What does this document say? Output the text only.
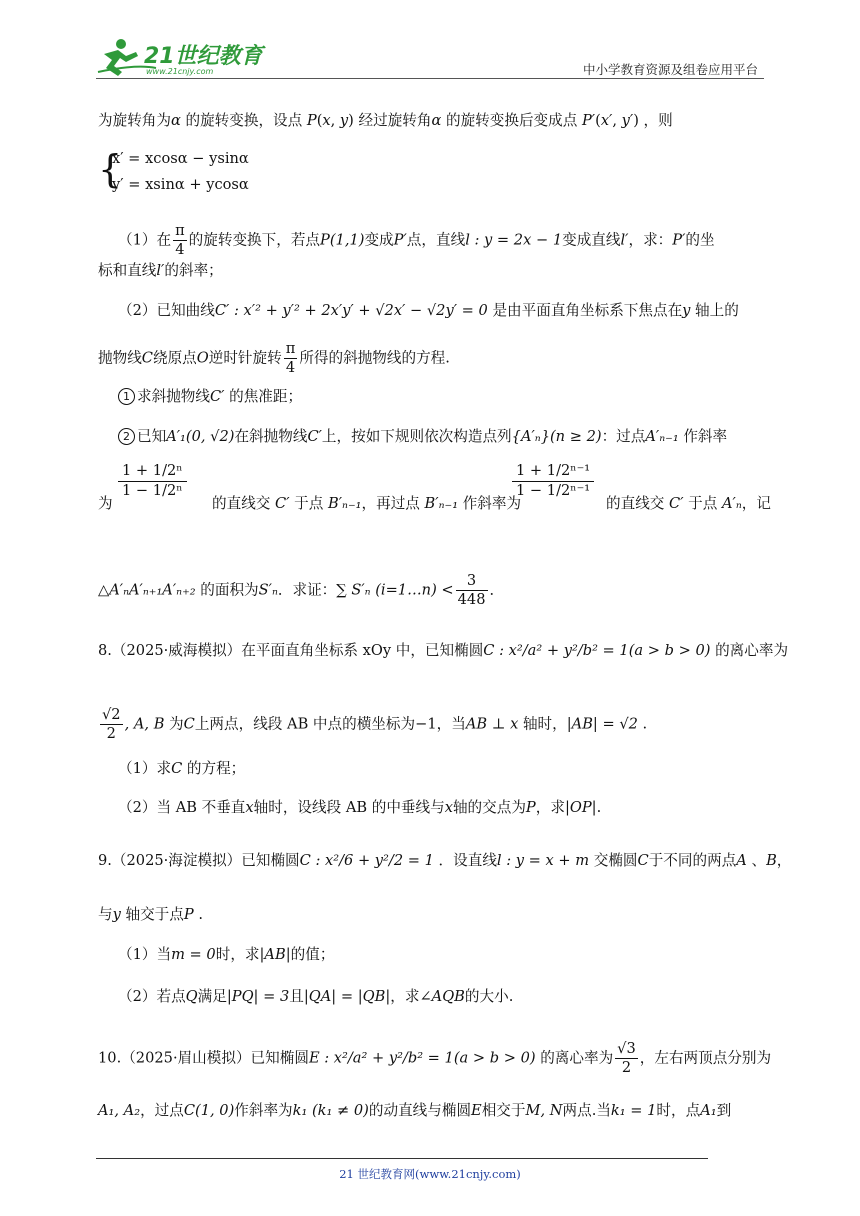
21世纪教育
www.21cnjy.com	中小学教育资源及组卷应用平台
为旋转角为α 的旋转变换，设点 P(x, y) 经过旋转角α 的旋转变换后变成点 P′(x′, y′) ，则
{
x′ = xcosα − ysinα
y′ = xsinα + ycosα
（1）在 $\frac{\pi}{4}$ 的旋转变换下，若点P(1,1)变成P′点，直线l : y = 2x − 1变成直线l′，求：P′的坐
标和直线l′的斜率；
（2）已知曲线C′ : x′² + y′² + 2x′y′ + √2x′ − √2y′ = 0 是由平面直角坐标系下焦点在y 轴上的
抛物线C绕原点O逆时针旋转 $\frac{\pi}{4}$ 所得的斜抛物线的方程.
1 求斜抛物线C′ 的焦准距；
2 已知A′₁(0, √2)在斜抛物线C′上，按如下规则依次构造点列{A′ₙ}(n ≥ 2)：过点A′ₙ₋₁ 作斜率
为
$\frac{\text{1 + 1/2ⁿ}}{\text{1 − 1/2ⁿ}}$
的直线交 C′ 于点 B′ₙ₋₁，再过点 B′ₙ₋₁ 作斜率为
$\frac{\text{1 + 1/2ⁿ⁻¹}}{\text{1 − 1/2ⁿ⁻¹}}$
的直线交 C′ 于点 A′ₙ，记
△A′ₙA′ₙ₊₁A′ₙ₊₂ 的面积为S′ₙ．求证：∑ S′ₙ (i=1…n) < $\frac{3}{448}$ ．
8.（2025·威海模拟）在平面直角坐标系 xOy 中，已知椭圆C : x²/a² + y²/b² = 1(a > b > 0) 的离心率为
$\frac{√2}{2}$ , A, B 为C上两点，线段 AB 中点的横坐标为−1，当AB ⊥ x 轴时，|AB| = √2 .
（1）求C 的方程；
（2）当 AB 不垂直x轴时，设线段 AB 的中垂线与x轴的交点为P，求|OP|.
9.（2025·海淀模拟）已知椭圆C : x²/6 + y²/2 = 1 ．设直线l : y = x + m 交椭圆C于不同的两点A 、B，
与y 轴交于点P .
（1）当m = 0时，求|AB|的值；
（2）若点Q满足|PQ| = 3且|QA| = |QB|，求∠AQB的大小.
10.（2025·眉山模拟）已知椭圆E : x²/a² + y²/b² = 1(a > b > 0) 的离心率为 $\frac{√3}{2}$ ，左右两顶点分别为
A₁, A₂，过点C(1, 0)作斜率为k₁ (k₁ ≠ 0)的动直线与椭圆E相交于M, N两点.当k₁ = 1时，点A₁到
21 世纪教育网(www.21cnjy.com)
